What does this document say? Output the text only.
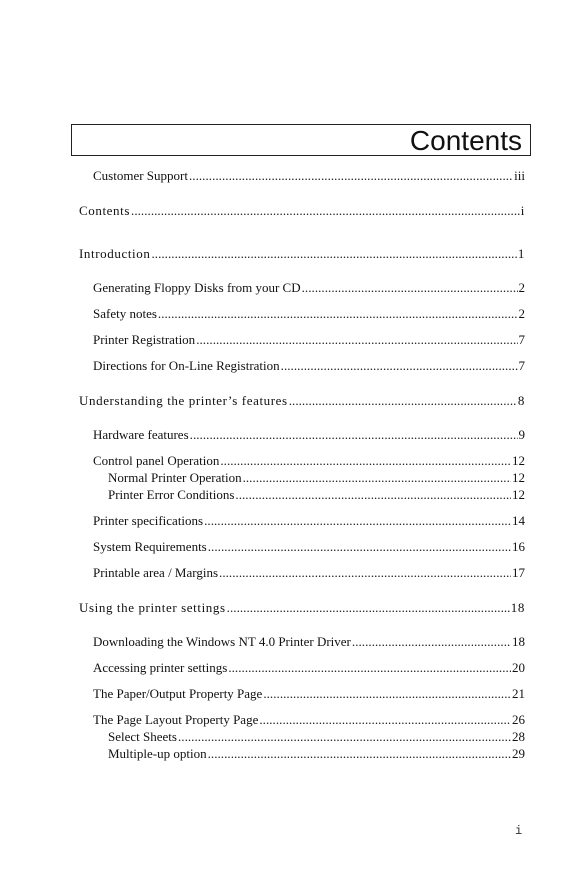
Contents
Customer Support . . .	iii
Contents . . .	i
Introduction . . .	1
Generating Floppy Disks from your CD . . .	2
Safety notes . . .	2
Printer Registration . . .	7
Directions for On-Line Registration . . .	7
Understanding the printer’s features . . .	8
Hardware features . . .	9
Control panel Operation . . .	12
Normal Printer Operation . . .	12
Printer Error Conditions . . .	12
Printer specifications . . .	14
System Requirements . . .	16
Printable area / Margins . . .	17
Using the printer settings . . .	18
Downloading the Windows NT 4.0 Printer Driver . . .	18
Accessing printer settings . . .	20
The Paper/Output Property Page . . .	21
The Page Layout Property Page . . .	26
Select Sheets . . .	28
Multiple-up option . . .	29
i
